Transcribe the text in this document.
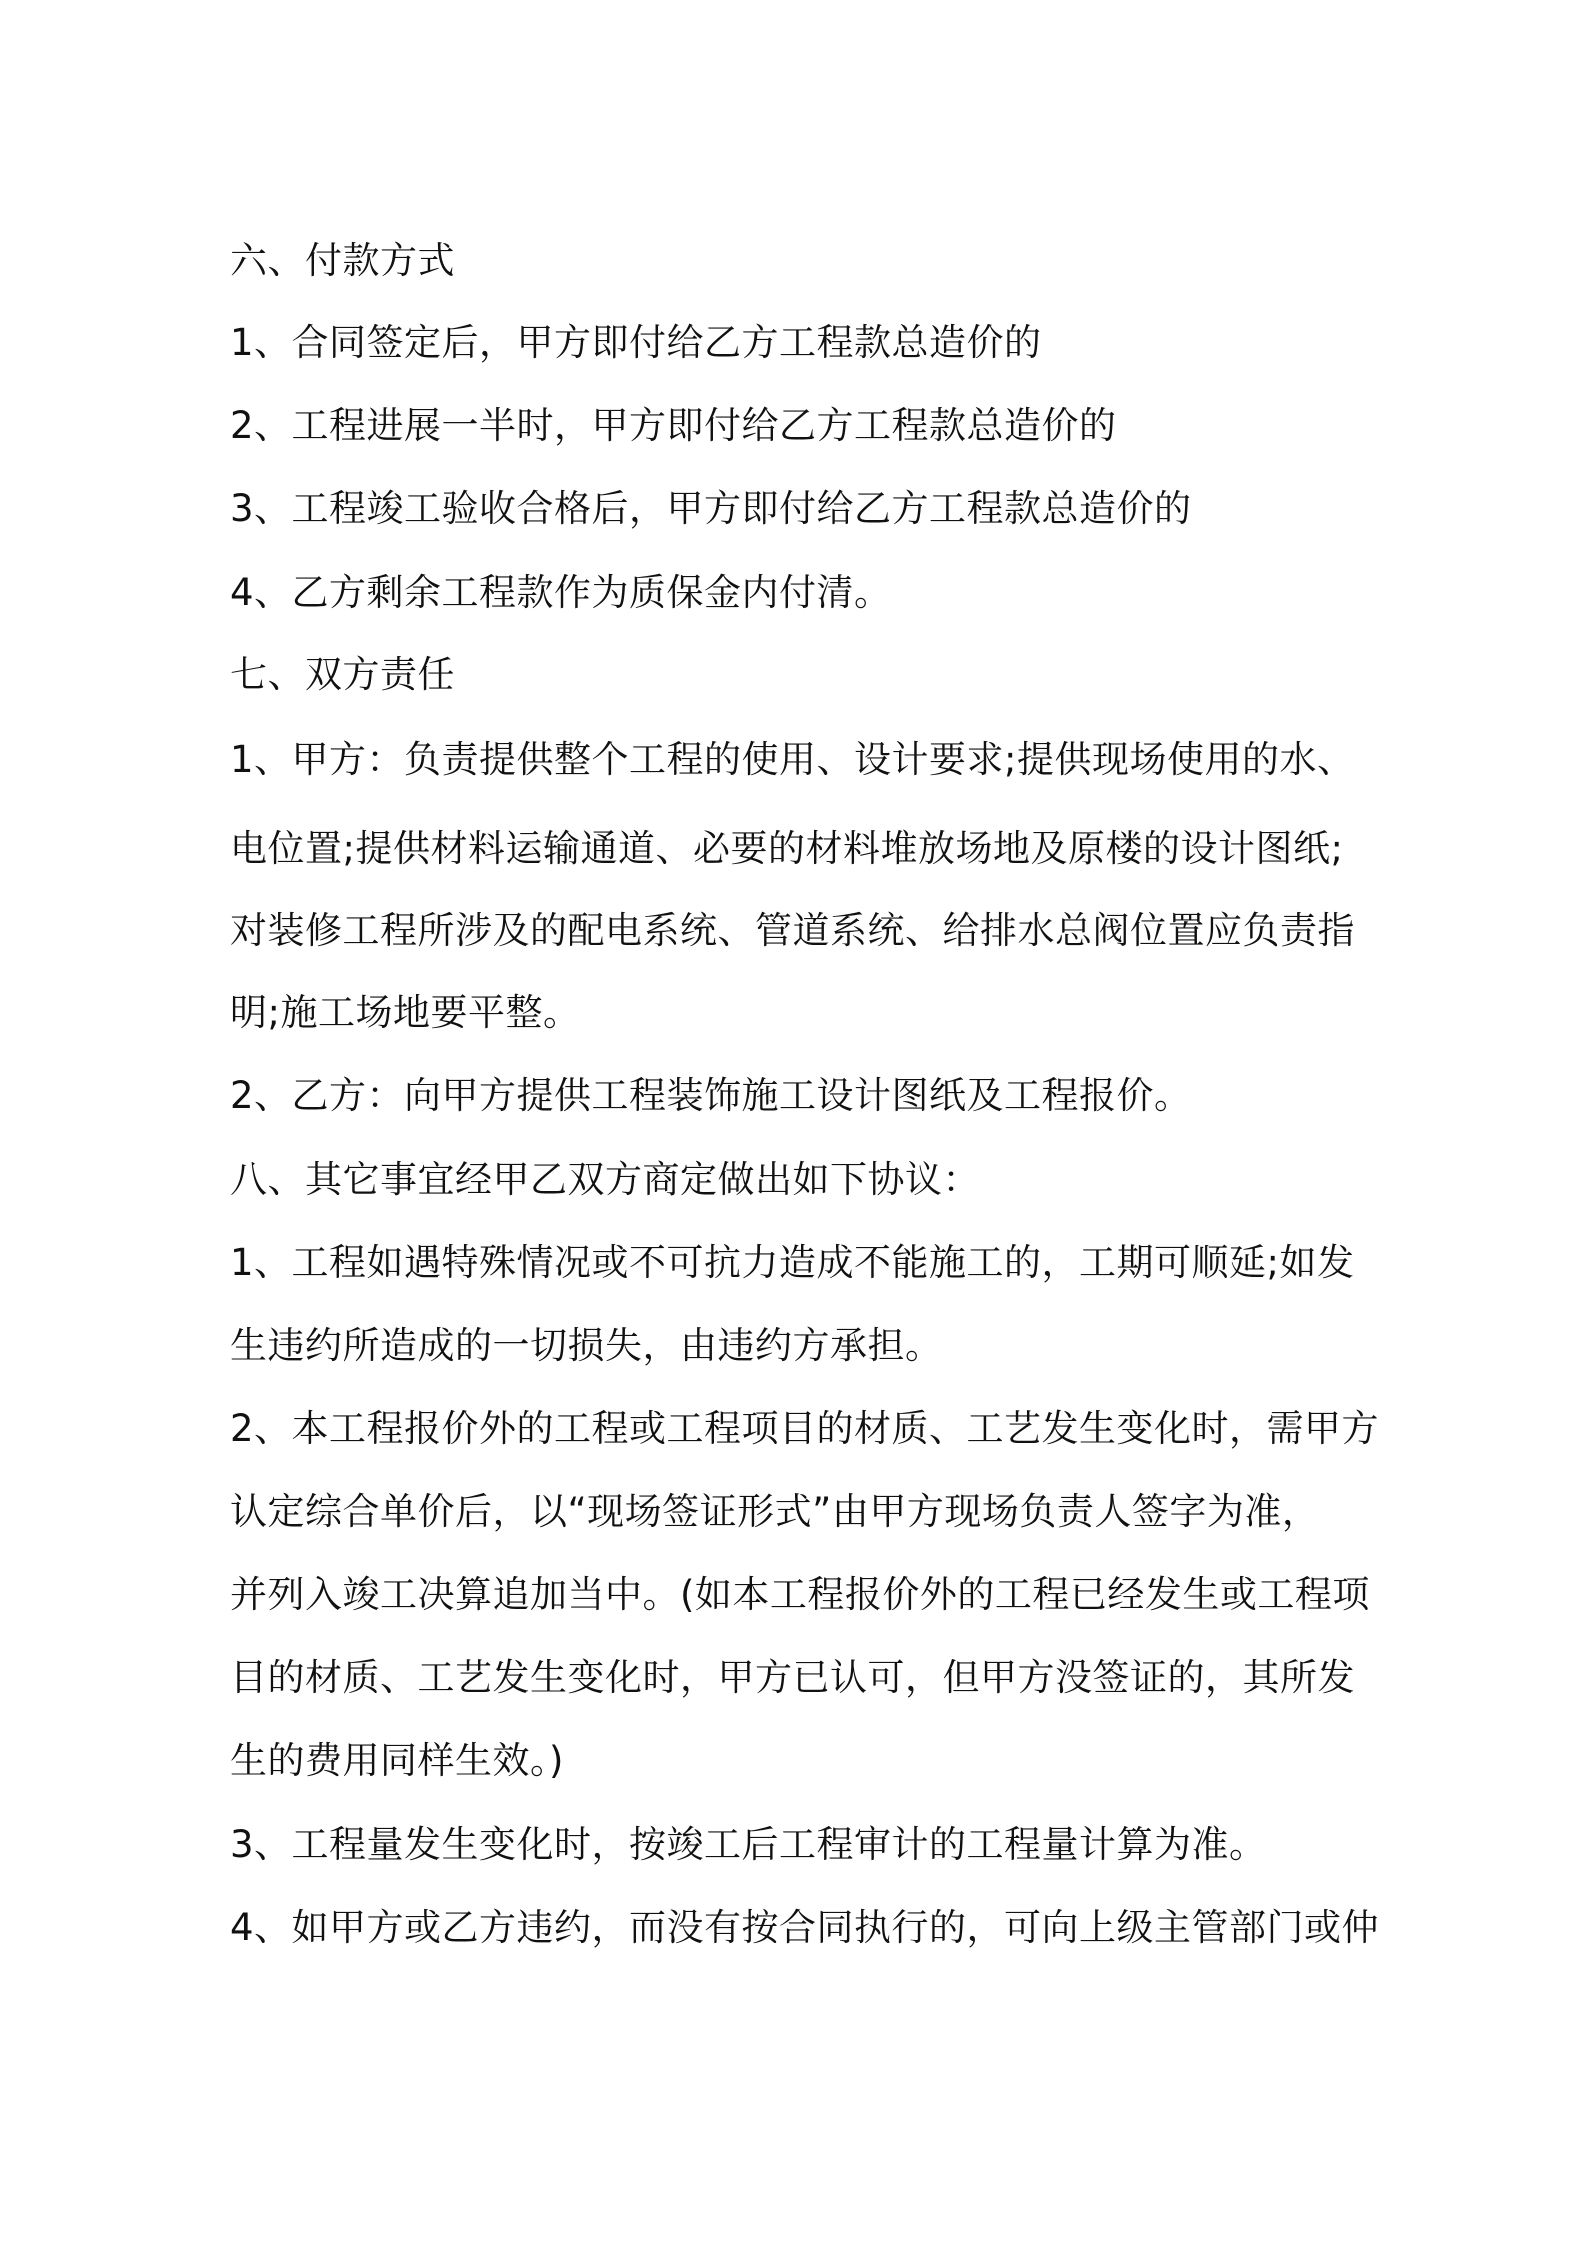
六、付款方式
1、合同签定后，甲方即付给乙方工程款总造价的
2、工程进展一半时，甲方即付给乙方工程款总造价的
3、工程竣工验收合格后，甲方即付给乙方工程款总造价的
4、乙方剩余工程款作为质保金内付清。
七、双方责任
1、甲方：负责提供整个工程的使用、设计要求;提供现场使用的水、
电位置;提供材料运输通道、必要的材料堆放场地及原楼的设计图纸;
对装修工程所涉及的配电系统、管道系统、给排水总阀位置应负责指
明;施工场地要平整。
2、乙方：向甲方提供工程装饰施工设计图纸及工程报价。
八、其它事宜经甲乙双方商定做出如下协议：
1、工程如遇特殊情况或不可抗力造成不能施工的，工期可顺延;如发
生违约所造成的一切损失，由违约方承担。
2、本工程报价外的工程或工程项目的材质、工艺发生变化时，需甲方
认定综合单价后，以“现场签证形式”由甲方现场负责人签字为准，
并列入竣工决算追加当中。(如本工程报价外的工程已经发生或工程项
目的材质、工艺发生变化时，甲方已认可，但甲方没签证的，其所发
生的费用同样生效。)
3、工程量发生变化时，按竣工后工程审计的工程量计算为准。
4、如甲方或乙方违约，而没有按合同执行的，可向上级主管部门或仲
